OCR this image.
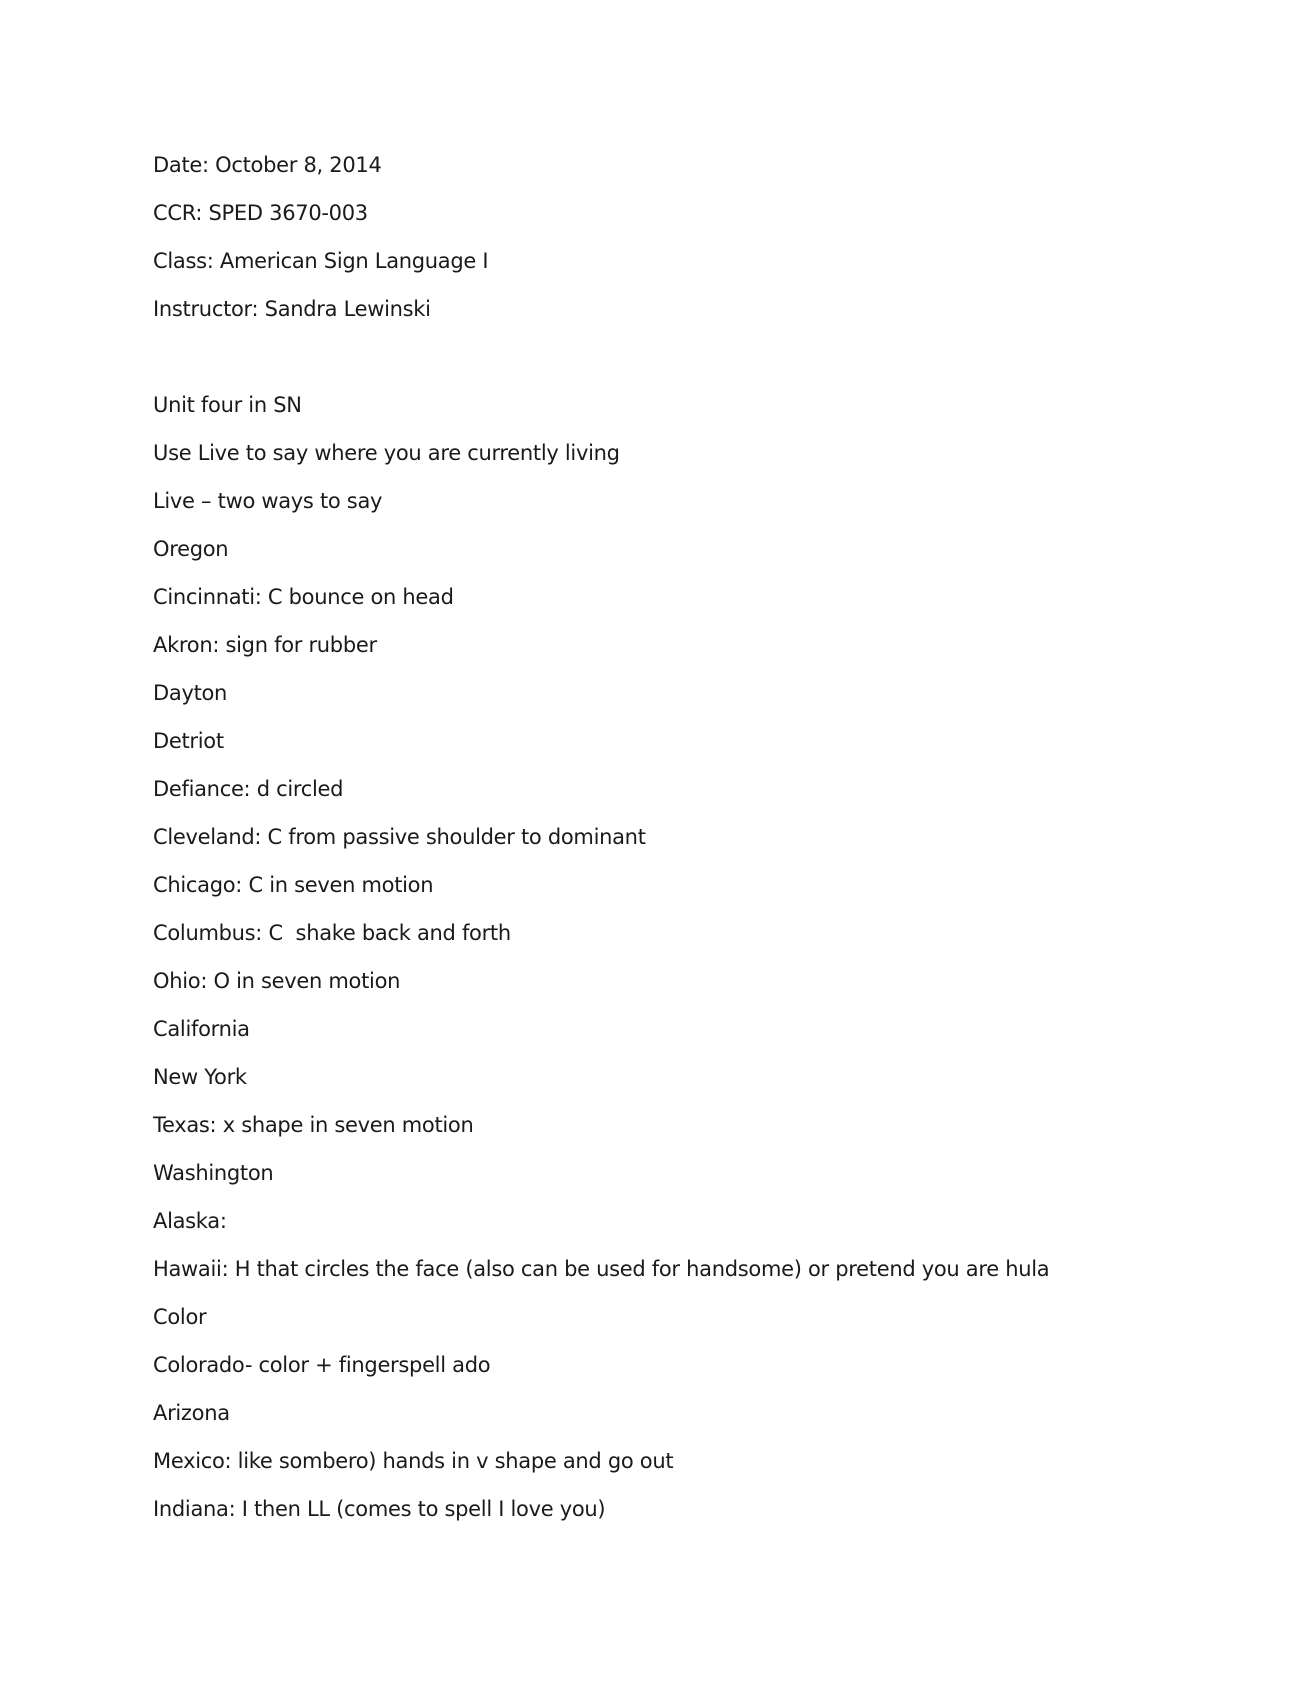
Date: October 8, 2014
CCR: SPED 3670-003
Class: American Sign Language I
Instructor: Sandra Lewinski
Unit four in SN
Use Live to say where you are currently living
Live – two ways to say
Oregon
Cincinnati: C bounce on head
Akron: sign for rubber
Dayton
Detriot
Defiance: d circled
Cleveland: C from passive shoulder to dominant
Chicago: C in seven motion
Columbus: C  shake back and forth
Ohio: O in seven motion
California
New York
Texas: x shape in seven motion
Washington
Alaska:
Hawaii: H that circles the face (also can be used for handsome) or pretend you are hula
Color
Colorado- color + fingerspell ado
Arizona
Mexico: like sombero) hands in v shape and go out
Indiana: I then LL (comes to spell I love you)
